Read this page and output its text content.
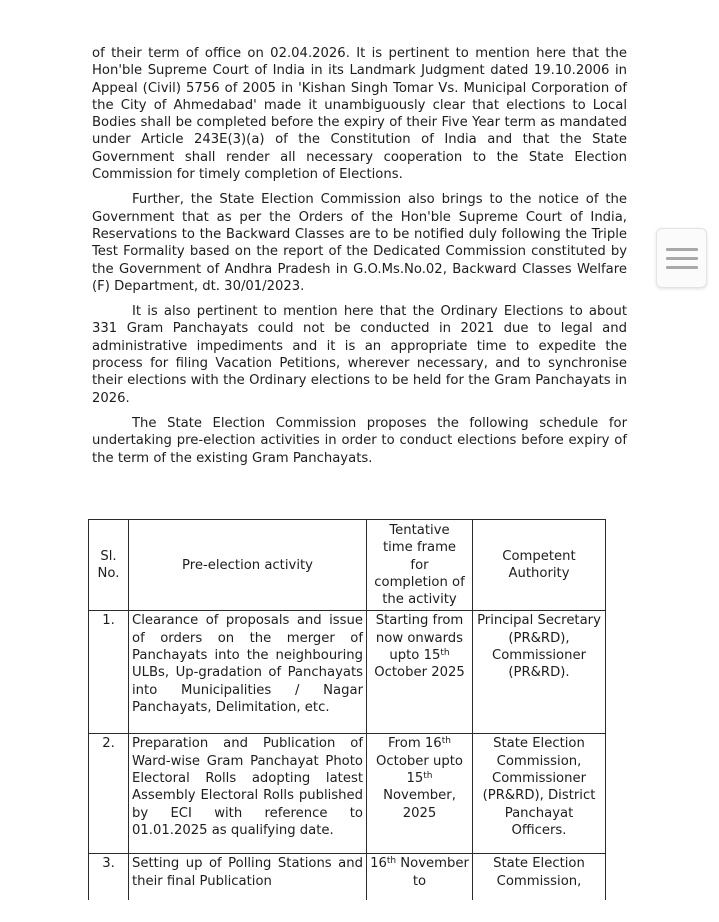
of their term of office on 02.04.2026. It is pertinent to mention here that the Hon'ble Supreme Court of India in its Landmark Judgment dated 19.10.2006 in Appeal (Civil) 5756 of 2005 in 'Kishan Singh Tomar Vs. Municipal Corporation of the City of Ahmedabad' made it unambiguously clear that elections to Local Bodies shall be completed before the expiry of their Five Year term as mandated under Article 243E(3)(a) of the Constitution of India and that the State Government shall render all necessary cooperation to the State Election Commission for timely completion of Elections.

Further, the State Election Commission also brings to the notice of the Government that as per the Orders of the Hon'ble Supreme Court of India, Reservations to the Backward Classes are to be notified duly following the Triple Test Formality based on the report of the Dedicated Commission constituted by the Government of Andhra Pradesh in G.O.Ms.No.02, Backward Classes Welfare (F) Department, dt. 30/01/2023.

It is also pertinent to mention here that the Ordinary Elections to about 331 Gram Panchayats could not be conducted in 2021 due to legal and administrative impediments and it is an appropriate time to expedite the process for filing Vacation Petitions, wherever necessary, and to synchronise their elections with the Ordinary elections to be held for the Gram Panchayats in 2026.

The State Election Commission proposes the following schedule for undertaking pre-election activities in order to conduct elections before expiry of the term of the existing Gram Panchayats.

Sl. No.	Pre-election activity	Tentative time frame for completion of the activity	Competent Authority
1.	Clearance of proposals and issue of orders on the merger of Panchayats into the neighbouring ULBs, Up-gradation of Panchayats into Municipalities / Nagar Panchayats, Delimitation, etc.	Starting from now onwards upto 15th October 2025	Principal Secretary (PR&RD), Commissioner (PR&RD).
2.	Preparation and Publication of Ward-wise Gram Panchayat Photo Electoral Rolls adopting latest Assembly Electoral Rolls published by ECI with reference to 01.01.2025 as qualifying date.	From 16th October upto 15th November, 2025	State Election Commission, Commissioner (PR&RD), District Panchayat Officers.
3.	Setting up of Polling Stations and their final Publication	16th November to	State Election Commission,
